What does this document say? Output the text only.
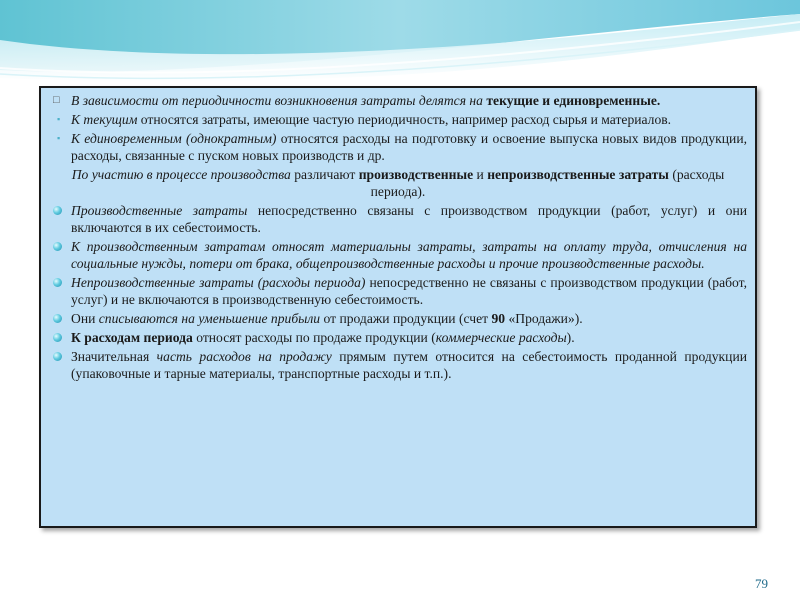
□ В зависимости от периодичности возникновения затраты делятся на текущие и единовременные.
▪ К текущим относятся затраты, имеющие частую периодичность, например расход сырья и материалов.
▪ К единовременным (однократным) относятся расходы на подготовку и освоение выпуска новых видов продукции, расходы, связанные с пуском новых производств и др.
По участию в процессе производства различают производственные и непроизводственные затраты (расходы периода).
Производственные затраты непосредственно связаны с производством продукции (работ, услуг) и они включаются в их себестоимость.
К производственным затратам относят материальны затраты, затраты на оплату труда, отчисления на социальные нужды, потери от брака, общепроизводственные расходы и прочие производственные расходы.
Непроизводственные затраты (расходы периода) непосредственно не связаны с производством продукции (работ, услуг) и не включаются в производственную себестоимость.
Они списываются на уменьшение прибыли от продажи продукции (счет 90 «Продажи»).
К расходам периода относят расходы по продаже продукции (коммерческие расходы).
Значительная часть расходов на продажу прямым путем относится на себестоимость проданной продукции (упаковочные и тарные материалы, транспортные расходы и т.п.).
79
